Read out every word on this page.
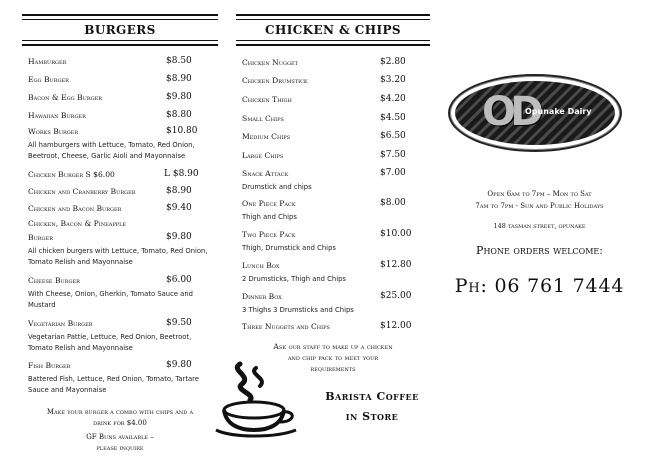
BURGERS
Hamburger	$8.50
Egg Burger	$8.90
Bacon & Egg Burger	$9.80
Hawaiian Burger	$8.80
Works Burger	$10.80
All hamburgers with Lettuce, Tomato, Red Onion, Beetroot, Cheese, Garlic Aioli and Mayonnaise
Chicken Burger S $6.00	L $8.90
Chicken and Cranberry Burger	$8.90
Chicken and Bacon Burger	$9.40
Chicken, Bacon & Pineapple
Burger	$9.80
All chicken burgers with Lettuce, Tomato, Red Onion, Tomato Relish and Mayonnaise
Cheese Burger	$6.00
With Cheese, Onion, Gherkin, Tomato Sauce and Mustard
Vegetarian Burger	$9.50
Vegetarian Pattie, Lettuce, Red Onion, Beetroot, Tomato Relish and Mayonnaise
Fish Burger	$9.80
Battered Fish, Lettuce, Red Onion, Tomato, Tartare Sauce and Mayonnaise
Make your burger a combo with chips and a
drink for $4.00
GF Buns available –
please inquire
CHICKEN & CHIPS
Chicken Nugget	$2.80
Chicken Drumstick	$3.20
Chicken Thigh	$4.20
Small Chips	$4.50
Medium Chips	$6.50
Large Chips	$7.50
Snack Attack	$7.00
Drumstick and chips
One Piece Pack	$8.00
Thigh and Chips
Two Piece Pack	$10.00
Thigh, Drumstick and Chips
Lunch Box	$12.80
2 Drumsticks, Thigh and Chips
Dinner Box	$25.00
3 Thighs 3 Drumsticks and Chips
Three Nuggets and Chips	$12.00
Ask our staff to make up a chicken
and chip pack to meet your
requirements
Barista Coffee
in Store
O
D
Opunake Dairy
Open 6am to 7pm – Mon to Sat
7am to 7pm - Sun and Public Holidays
148 tasman street, opunake
Phone orders welcome:
Ph: 06 761 7444
